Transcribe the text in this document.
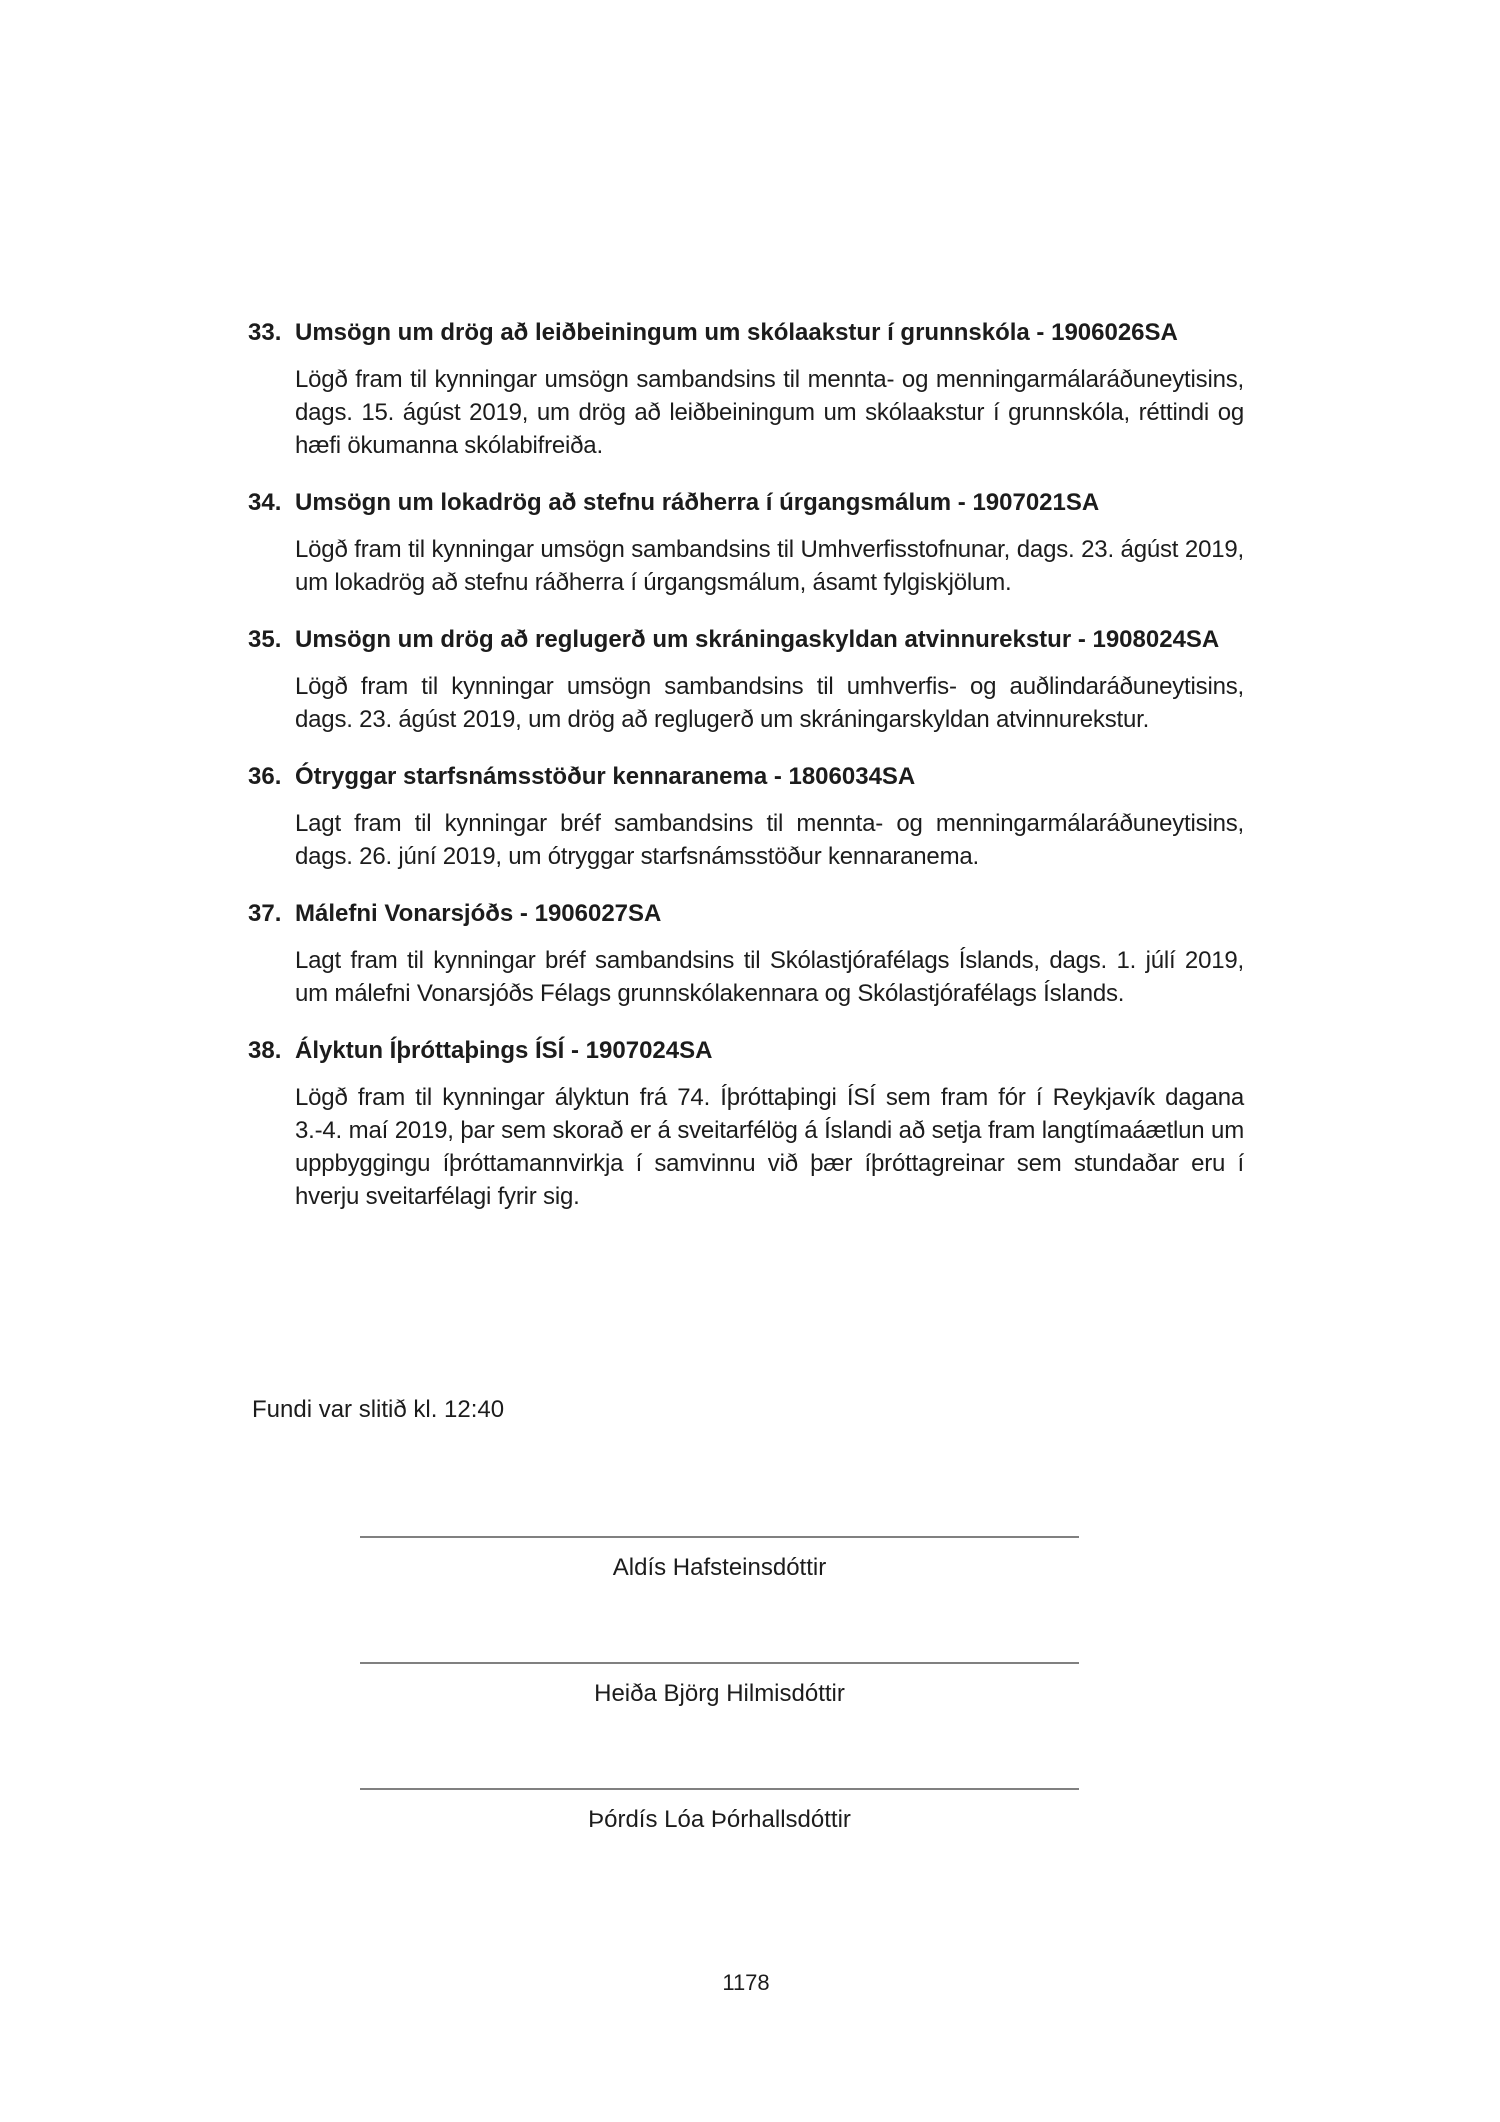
33. Umsögn um drög að leiðbeiningum um skólaakstur í grunnskóla - 1906026SA

Lögð fram til kynningar umsögn sambandsins til mennta- og menningarmálaráðuneytisins, dags. 15. ágúst 2019, um drög að leiðbeiningum um skólaakstur í grunnskóla, réttindi og hæfi ökumanna skólabifreiða.

34. Umsögn um lokadrög að stefnu ráðherra í úrgangsmálum - 1907021SA

Lögð fram til kynningar umsögn sambandsins til Umhverfisstofnunar, dags. 23. ágúst 2019, um lokadrög að stefnu ráðherra í úrgangsmálum, ásamt fylgiskjölum.

35. Umsögn um drög að reglugerð um skráningaskyldan atvinnurekstur - 1908024SA

Lögð fram til kynningar umsögn sambandsins til umhverfis- og auðlindaráðuneytisins, dags. 23. ágúst 2019, um drög að reglugerð um skráningarskyldan atvinnurekstur.

36. Ótryggar starfsnámsstöður kennaranema - 1806034SA

Lagt fram til kynningar bréf sambandsins til mennta- og menningarmálaráðuneytisins, dags. 26. júní 2019, um ótryggar starfsnámsstöður kennaranema.

37. Málefni Vonarsjóðs - 1906027SA

Lagt fram til kynningar bréf sambandsins til Skólastjórafélags Íslands, dags. 1. júlí 2019, um málefni Vonarsjóðs Félags grunnskólakennara og Skólastjórafélags Íslands.

38. Ályktun Íþróttaþings ÍSÍ - 1907024SA

Lögð fram til kynningar ályktun frá 74. Íþróttaþingi ÍSÍ sem fram fór í Reykjavík dagana 3.-4. maí 2019, þar sem skorað er á sveitarfélög á Íslandi að setja fram langtímaáætlun um uppbyggingu íþróttamannvirkja í samvinnu við þær íþróttagreinar sem stundaðar eru í hverju sveitarfélagi fyrir sig.

Fundi var slitið kl. 12:40
Aldís Hafsteinsdóttir
Heiða Björg Hilmisdóttir
Þórdís Lóa Þórhallsdóttir
1178
